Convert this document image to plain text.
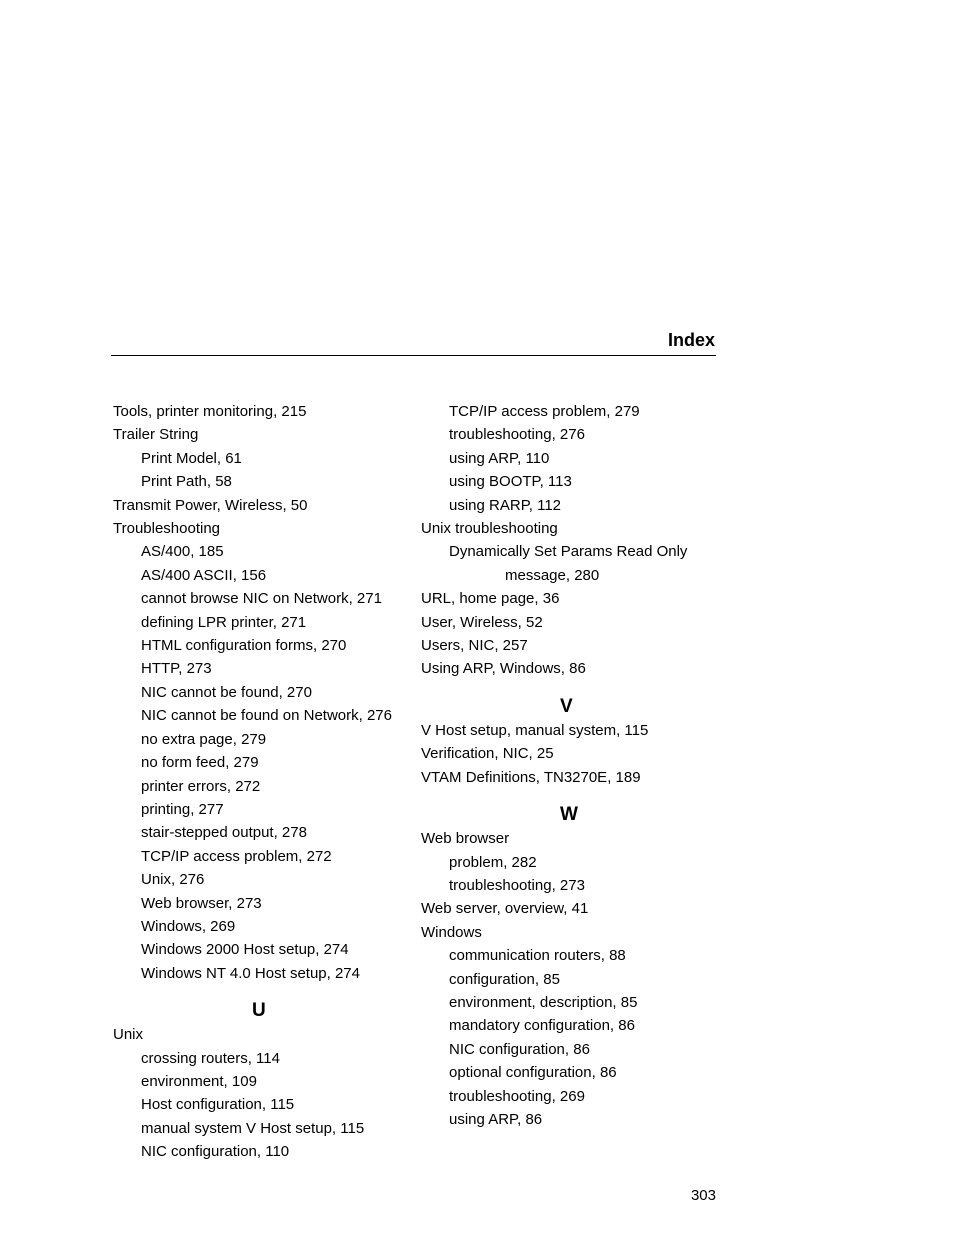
Index
Tools, printer monitoring, 215
Trailer String
Print Model, 61
Print Path, 58
Transmit Power, Wireless, 50
Troubleshooting
AS/400, 185
AS/400 ASCII, 156
cannot browse NIC on Network, 271
defining LPR printer, 271
HTML configuration forms, 270
HTTP, 273
NIC cannot be found, 270
NIC cannot be found on Network, 276
no extra page, 279
no form feed, 279
printer errors, 272
printing, 277
stair-stepped output, 278
TCP/IP access problem, 272
Unix, 276
Web browser, 273
Windows, 269
Windows 2000 Host setup, 274
Windows NT 4.0 Host setup, 274
U
Unix
crossing routers, 114
environment, 109
Host configuration, 115
manual system V Host setup, 115
NIC configuration, 110
TCP/IP access problem, 279
troubleshooting, 276
using ARP, 110
using BOOTP, 113
using RARP, 112
Unix troubleshooting
Dynamically Set Params Read Only
message, 280
URL, home page, 36
User, Wireless, 52
Users, NIC, 257
Using ARP, Windows, 86
V
V Host setup, manual system, 115
Verification, NIC, 25
VTAM Definitions, TN3270E, 189
W
Web browser
problem, 282
troubleshooting, 273
Web server, overview, 41
Windows
communication routers, 88
configuration, 85
environment, description, 85
mandatory configuration, 86
NIC configuration, 86
optional configuration, 86
troubleshooting, 269
using ARP, 86
303
